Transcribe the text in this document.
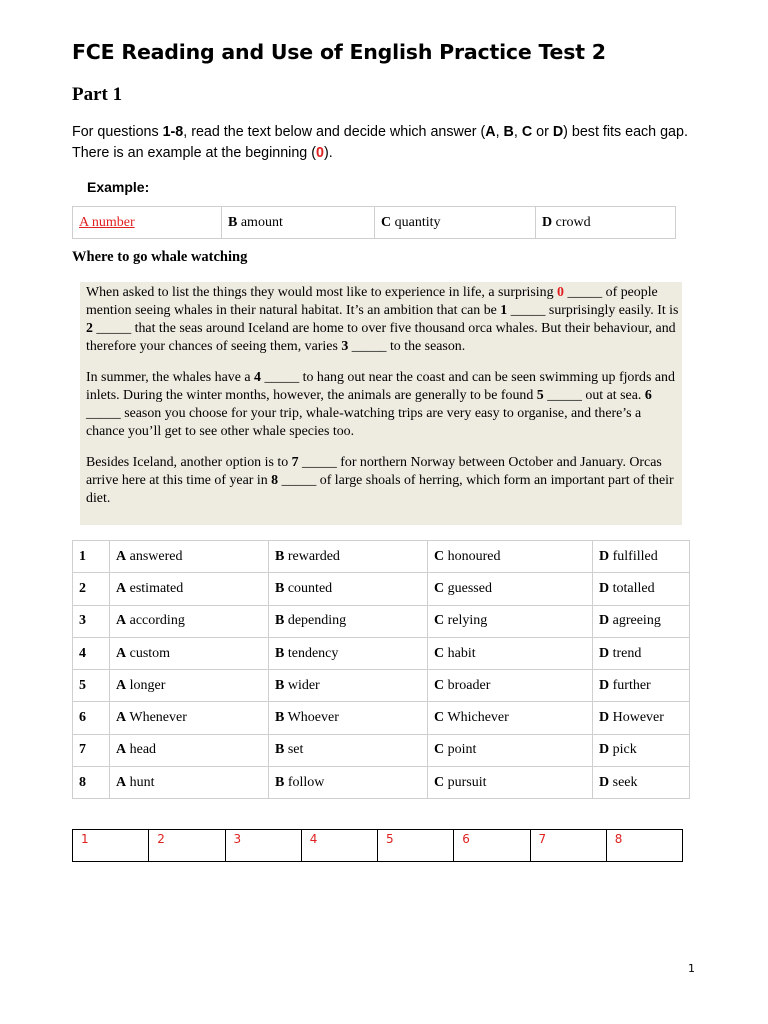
FCE Reading and Use of English Practice Test 2
Part 1
For questions 1-8, read the text below and decide which answer (A, B, C or D) best fits each gap. There is an example at the beginning (0).
Example:
A number	B amount	C quantity	D crowd
Where to go whale watching

When asked to list the things they would most like to experience in life, a surprising 0 _____ of people mention seeing whales in their natural habitat. It’s an ambition that can be 1 _____ surprisingly easily. It is 2 _____ that the seas around Iceland are home to over five thousand orca whales. But their behaviour, and therefore your chances of seeing them, varies 3 _____ to the season.

In summer, the whales have a 4 _____ to hang out near the coast and can be seen swimming up fjords and inlets. During the winter months, however, the animals are generally to be found 5 _____ out at sea. 6 _____ season you choose for your trip, whale-watching trips are very easy to organise, and there’s a chance you’ll get to see other whale species too.

Besides Iceland, another option is to 7 _____ for northern Norway between October and January. Orcas arrive here at this time of year in 8 _____ of large shoals of herring, which form an important part of their diet.

1	A answered	B rewarded	C honoured	D fulfilled
2	A estimated	B counted	C guessed	D totalled
3	A according	B depending	C relying	D agreeing
4	A custom	B tendency	C habit	D trend
5	A longer	B wider	C broader	D further
6	A Whenever	B Whoever	C Whichever	D However
7	A head	B set	C point	D pick
8	A hunt	B follow	C pursuit	D seek
1	2	3	4	5	6	7	8
1
